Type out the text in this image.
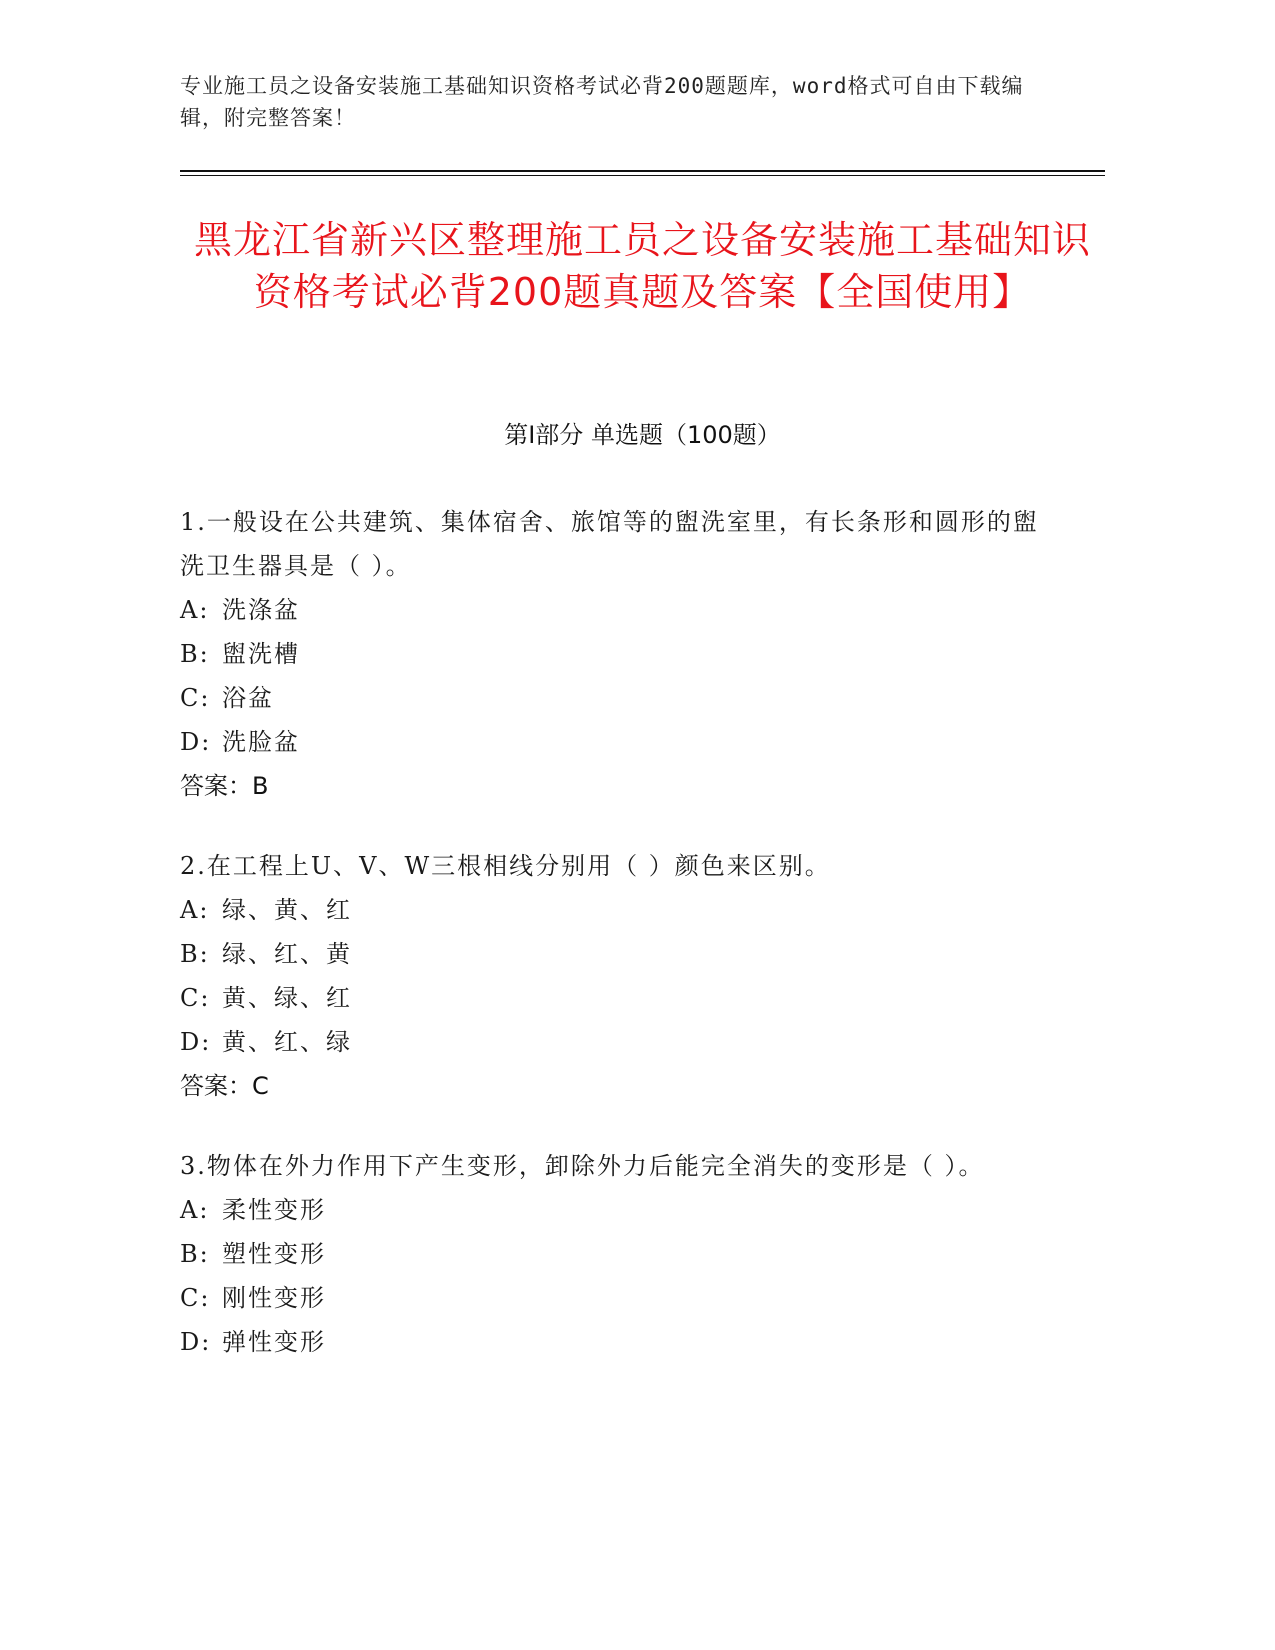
专业施工员之设备安装施工基础知识资格考试必背200题题库，word格式可自由下载编辑，附完整答案！
黑龙江省新兴区整理施工员之设备安装施工基础知识资格考试必背200题真题及答案【全国使用】
第Ⅰ部分 单选题（100题）
1.一般设在公共建筑、集体宿舍、旅馆等的盥洗室里，有长条形和圆形的盥洗卫生器具是（ ）。
A: 洗涤盆
B: 盥洗槽
C: 浴盆
D: 洗脸盆
答案：B
2.在工程上U、V、W三根相线分别用（ ）颜色来区别。
A: 绿、黄、红
B: 绿、红、黄
C: 黄、绿、红
D: 黄、红、绿
答案：C
3.物体在外力作用下产生变形，卸除外力后能完全消失的变形是（ ）。
A: 柔性变形
B: 塑性变形
C: 刚性变形
D: 弹性变形
